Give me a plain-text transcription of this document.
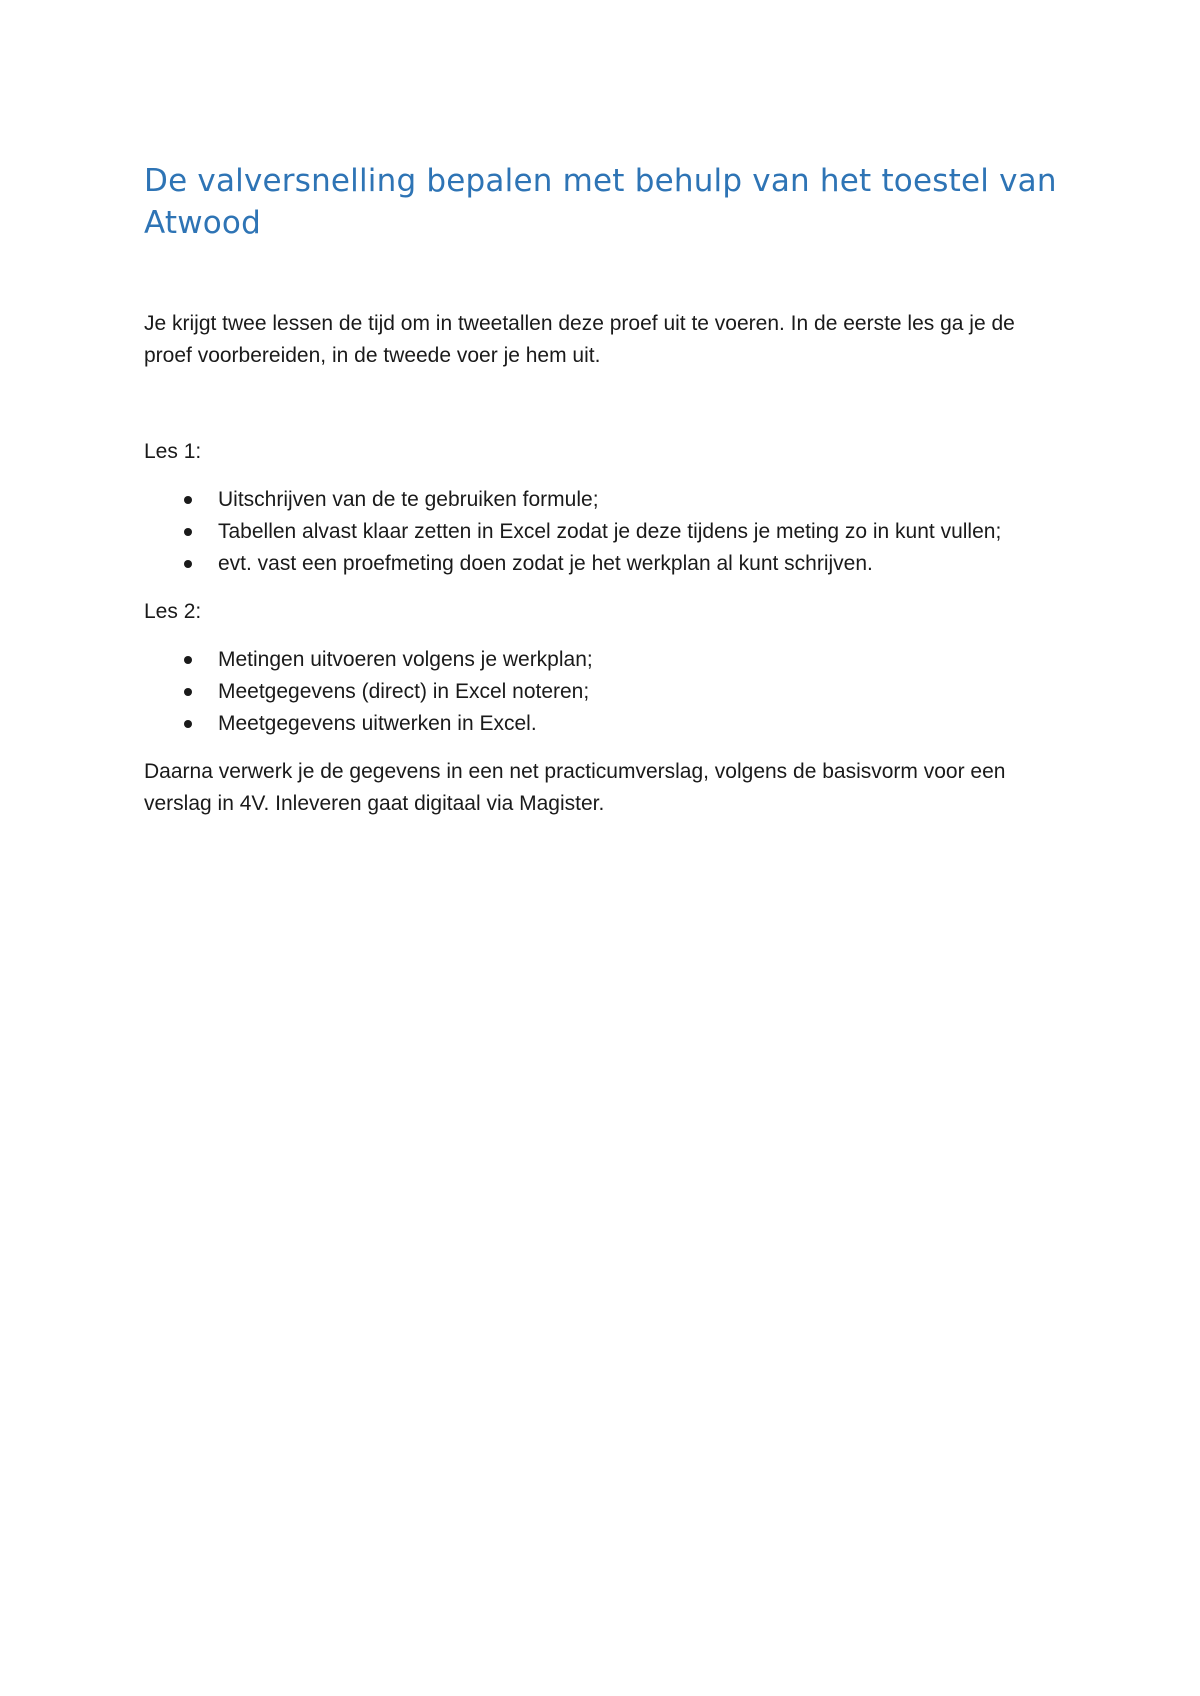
De valversnelling bepalen met behulp van het toestel van Atwood

Je krijgt twee lessen de tijd om in tweetallen deze proef uit te voeren. In de eerste les ga je de proef voorbereiden, in de tweede voer je hem uit.

Les 1:

Uitschrijven van de te gebruiken formule;
Tabellen alvast klaar zetten in Excel zodat je deze tijdens je meting zo in kunt vullen;
evt. vast een proefmeting doen zodat je het werkplan al kunt schrijven.

Les 2:

Metingen uitvoeren volgens je werkplan;
Meetgegevens (direct) in Excel noteren;
Meetgegevens uitwerken in Excel.

Daarna verwerk je de gegevens in een net practicumverslag, volgens de basisvorm voor een verslag in 4V. Inleveren gaat digitaal via Magister.
